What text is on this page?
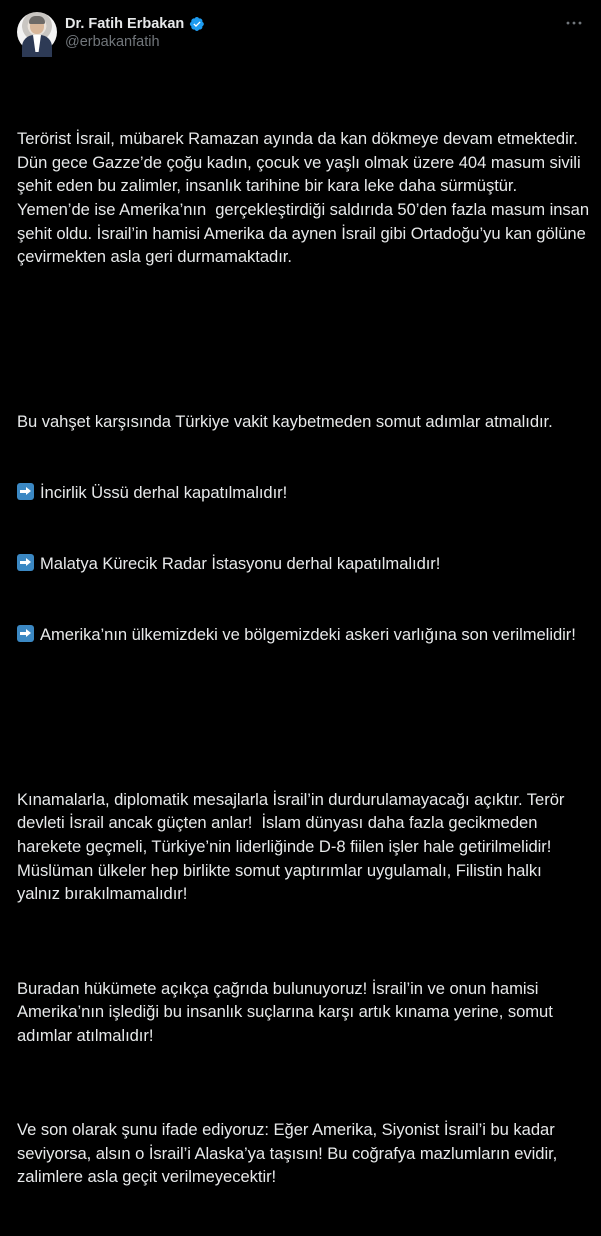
Dr. Fatih Erbakan
@erbakanfatih

Terörist İsrail, mübarek Ramazan ayında da kan dökmeye devam etmektedir. Dün gece Gazze’de çoğu kadın, çocuk ve yaşlı olmak üzere 404 masum sivili şehit eden bu zalimler, insanlık tarihine bir kara leke daha sürmüştür. Yemen’de ise Amerika’nın  gerçekleştirdiği saldırıda 50’den fazla masum insan şehit oldu. İsrail’in hamisi Amerika da aynen İsrail gibi Ortadoğu’yu kan gölüne çevirmekten asla geri durmamaktadır.

Bu vahşet karşısında Türkiye vakit kaybetmeden somut adımlar atmalıdır.

İncirlik Üssü derhal kapatılmalıdır!

Malatya Kürecik Radar İstasyonu derhal kapatılmalıdır!

Amerika’nın ülkemizdeki ve bölgemizdeki askeri varlığına son verilmelidir!

Kınamalarla, diplomatik mesajlarla İsrail’in durdurulamayacağı açıktır. Terör devleti İsrail ancak güçten anlar!  İslam dünyası daha fazla gecikmeden harekete geçmeli, Türkiye’nin liderliğinde D-8 fiilen işler hale getirilmelidir! Müslüman ülkeler hep birlikte somut yaptırımlar uygulamalı, Filistin halkı yalnız bırakılmamalıdır!

Buradan hükümete açıkça çağrıda bulunuyoruz! İsrail’in ve onun hamisi Amerika’nın işlediği bu insanlık suçlarına karşı artık kınama yerine, somut adımlar atılmalıdır!

Ve son olarak şunu ifade ediyoruz: Eğer Amerika, Siyonist İsrail’i bu kadar seviyorsa, alsın o İsrail’i Alaska’ya taşısın! Bu coğrafya mazlumların evidir, zalimlere asla geçit verilmeyecektir!
